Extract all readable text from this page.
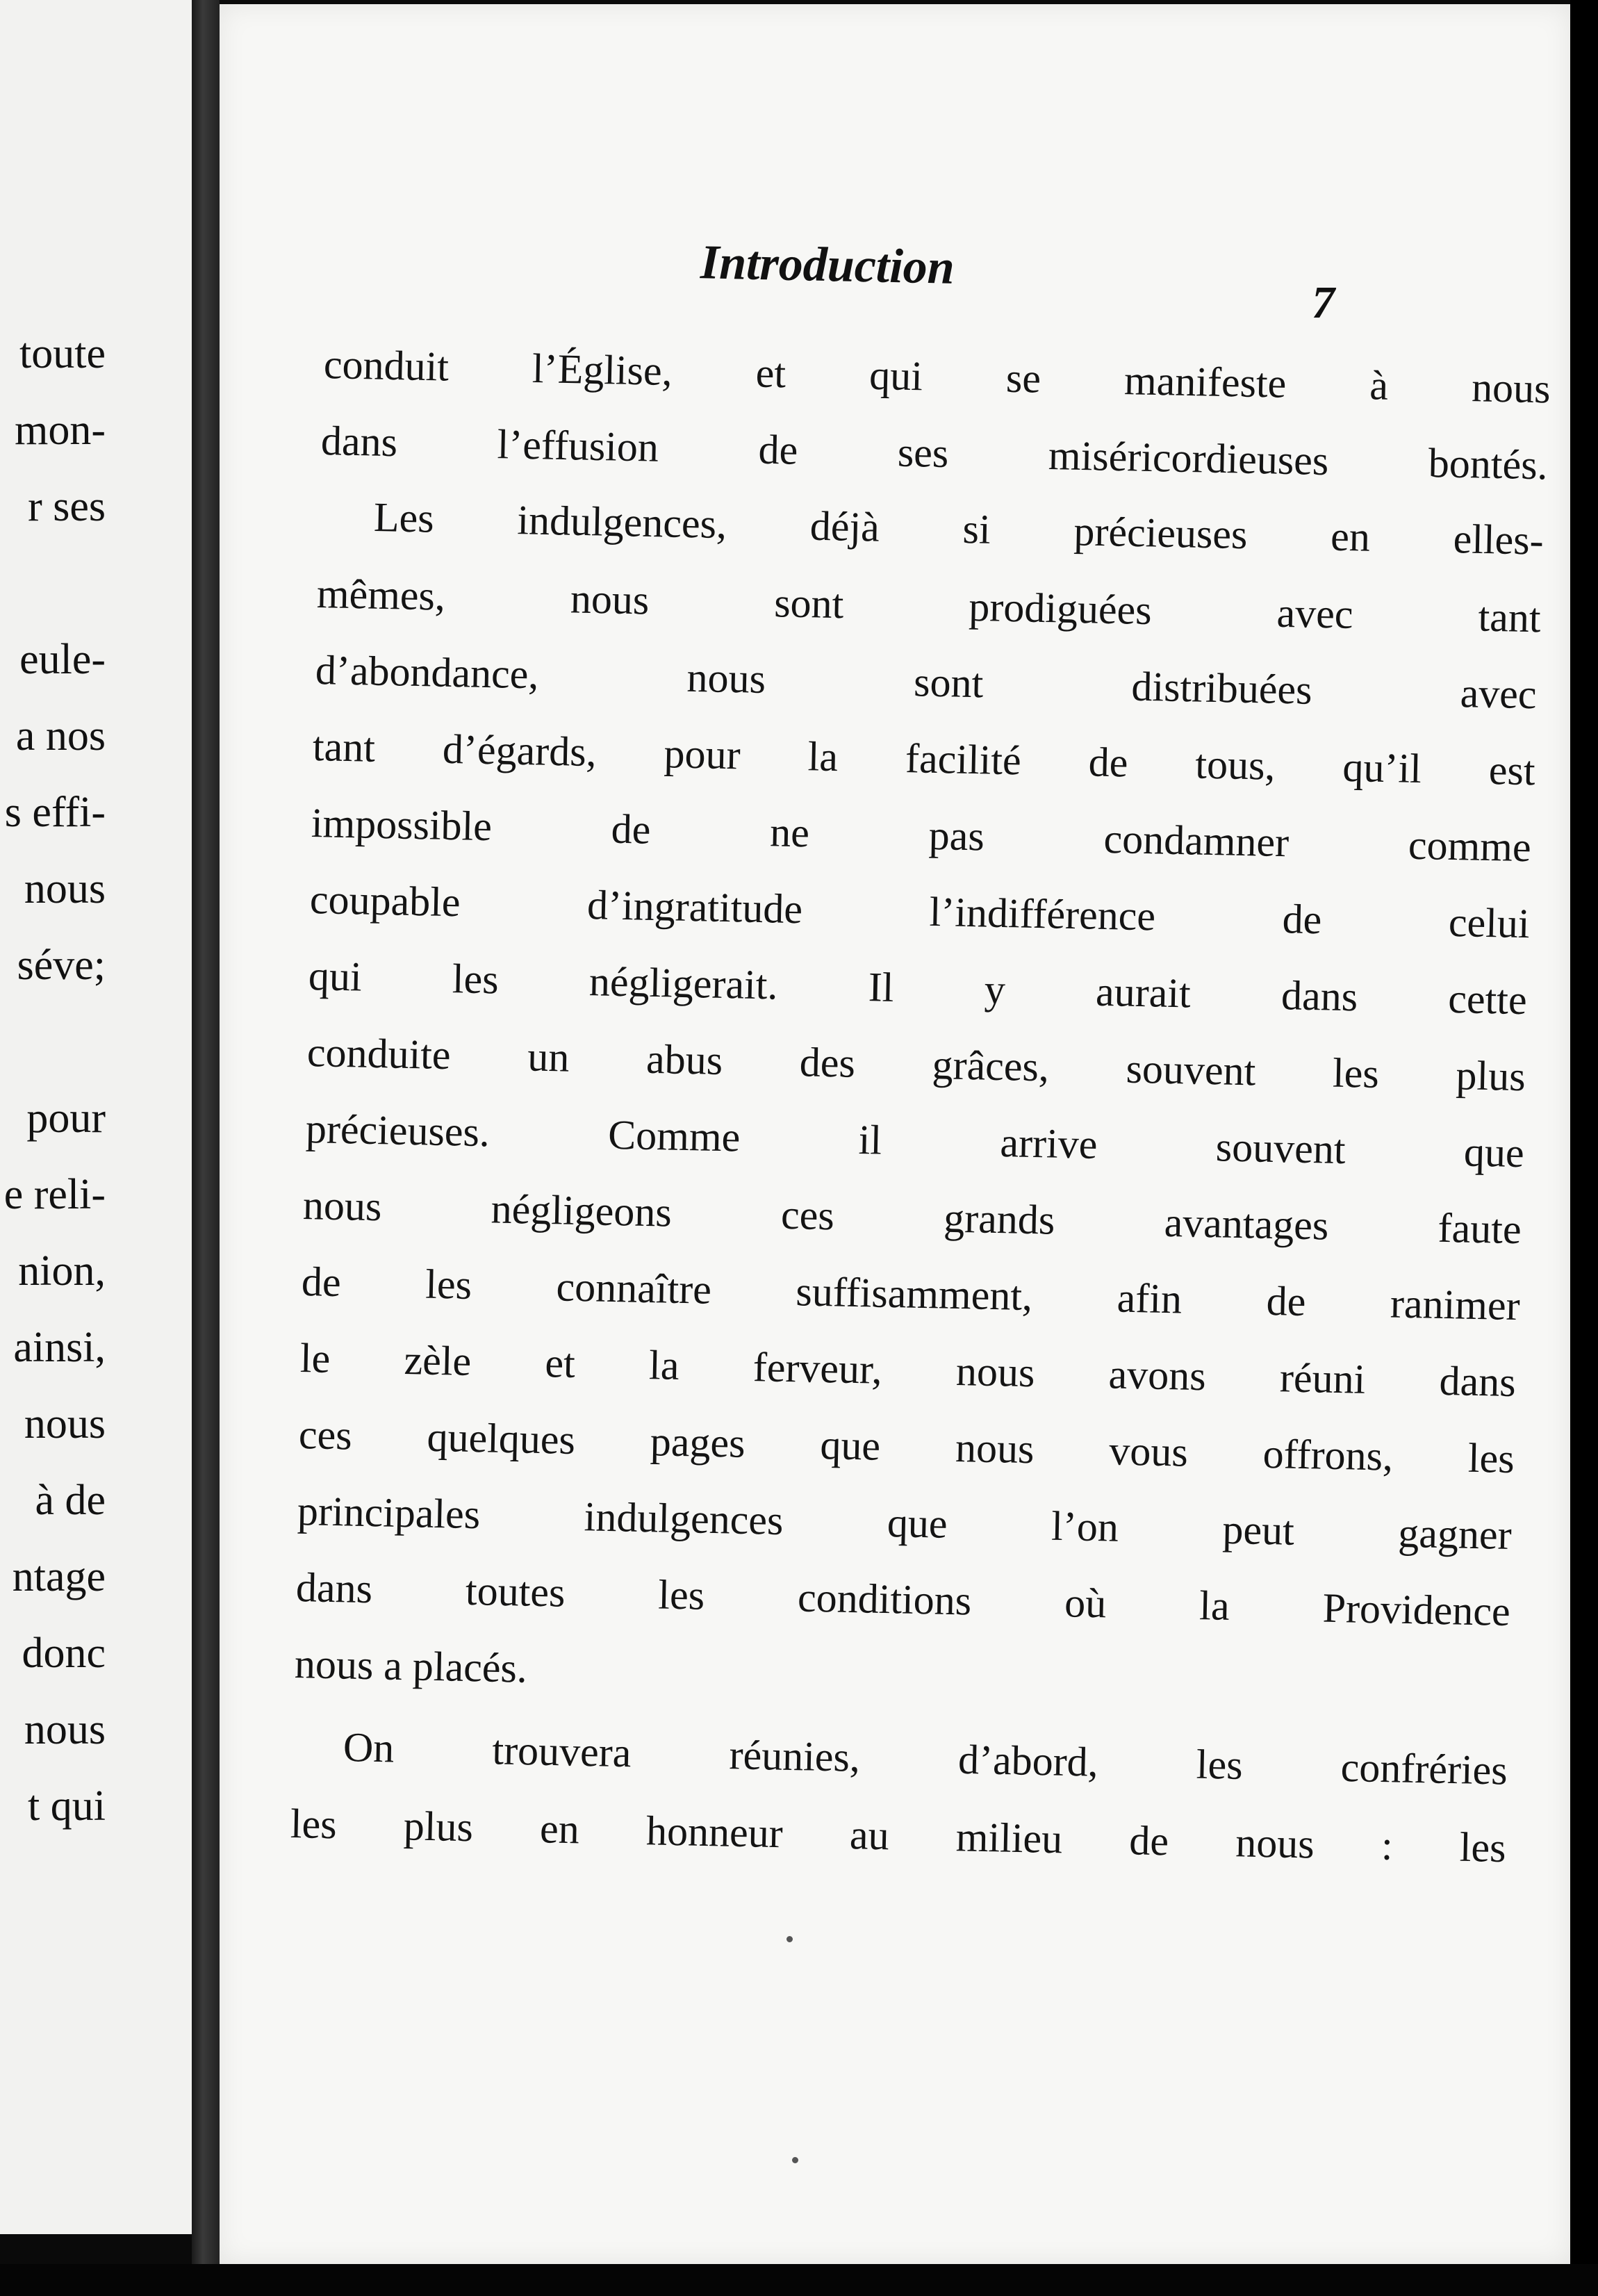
toute
mon-
r ses
eule-
a nos
s effi-
nous
séve;
pour
e reli-
nion,
ainsi,
nous
à de
ntage
donc
nous
t qui
Introduction
7
conduit l’Église, et qui se manifeste à nous
dans l’effusion de ses miséricordieuses bontés.
Les indulgences, déjà si précieuses en elles-
mêmes,	nous	sont	prodiguées	avec	tant
d’abondance,	nous	sont	distribuées	avec
tant d’égards, pour la facilité de tous, qu’il est
impossible	de	ne	pas	condamner	comme
coupable	d’ingratitude	l’indifférence	de	celui
qui les négligerait. Il y aurait dans cette
conduite un abus des grâces, souvent les plus
précieuses.	Comme	il	arrive	souvent	que
nous	négligeons	ces	grands	avantages	faute
de les connaître suffisamment, afin de ranimer
le zèle et la ferveur, nous avons réuni dans
ces quelques pages que nous vous offrons, les
principales indulgences que l’on peut gagner
dans toutes les conditions où la Providence
nous a placés.
On trouvera réunies, d’abord, les confréries
les plus en honneur au milieu de nous : les
